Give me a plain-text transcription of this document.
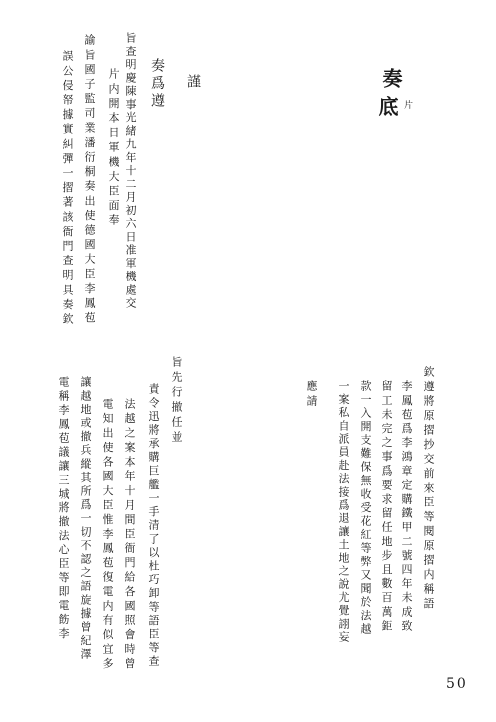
奏
底 片
謹
奏爲遵
旨查明慶陳事光緒九年十二月初六日准軍機處交
片内開本日軍機大臣面奉
諭旨國子監司業潘衍桐奏出使德國大臣李鳳苞
誤公侵帑據實糾彈一摺著該衙門查明具奏欽
旨先行撤任並
責令迅將承購巨艦一手清了以杜巧卸等語臣等查
法越之案本年十月間臣衙門給各國照會時曾
電知出使各國大臣惟李鳳苞復電内有似宜多
讓越地或撤兵縱其所爲一切不認之語旋據曾紀澤
電稱李鳳苞議讓三城將撤法心臣等即電飭李	欽遵將原摺抄交前來臣等閱原摺内稱語
李鳳苞爲李鴻章定購鐵甲二號四年未成致
留工未完之事爲要求留任地步且數百萬鉅
款一入開支難保無收受花紅等弊又聞於法越
一案私自派員赴法接爲退讓土地之說尤覺詡妄
應請
50
